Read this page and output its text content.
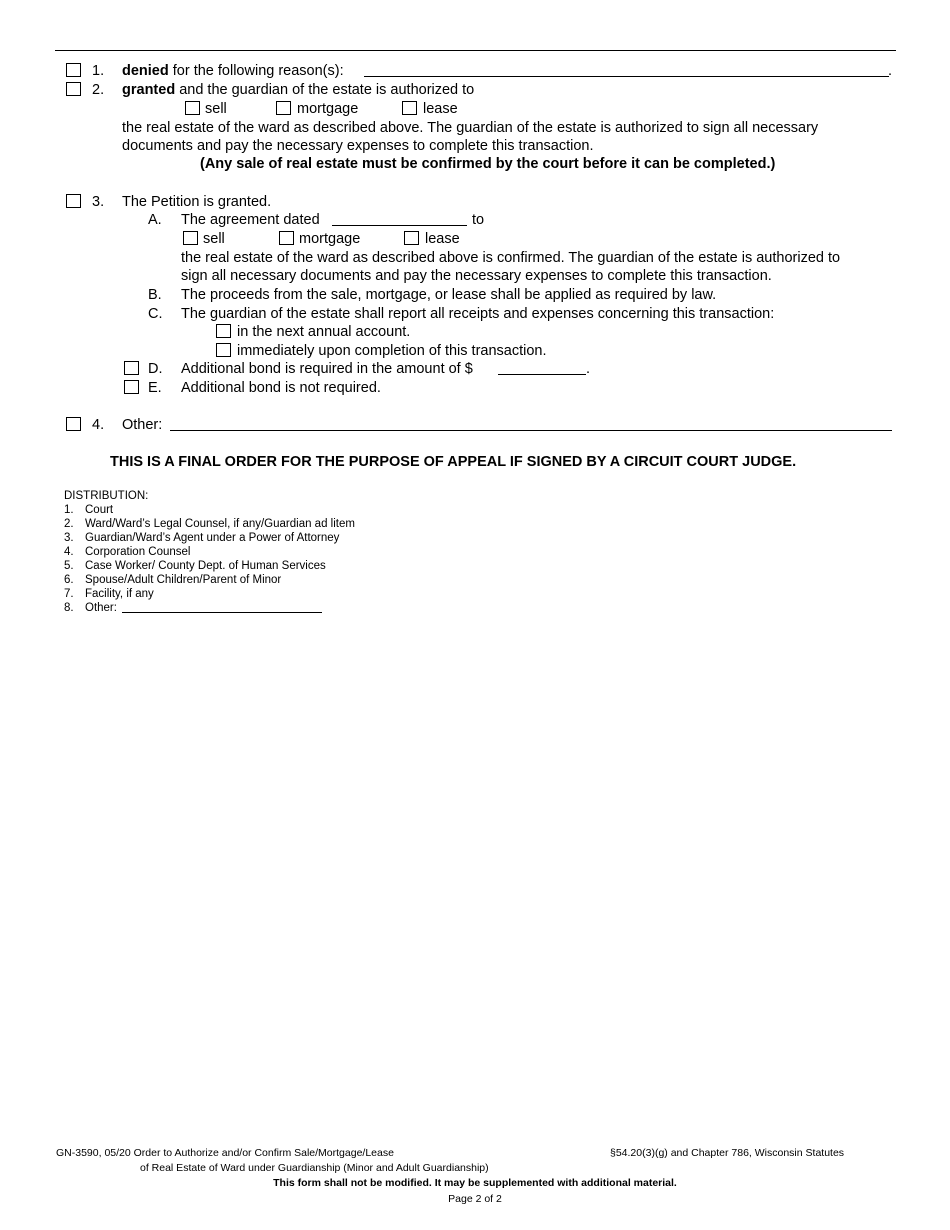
1. denied for the following reason(s):	.
2. granted and the guardian of the estate is authorized to
sell	mortgage	lease
the real estate of the ward as described above. The guardian of the estate is authorized to sign all necessary
documents and pay the necessary expenses to complete this transaction.
(Any sale of real estate must be confirmed by the court before it can be completed.)
3. The Petition is granted.
A. The agreement dated	to
sell	mortgage	lease
the real estate of the ward as described above is confirmed. The guardian of the estate is authorized to
sign all necessary documents and pay the necessary expenses to complete this transaction.
B. The proceeds from the sale, mortgage, or lease shall be applied as required by law.
C. The guardian of the estate shall report all receipts and expenses concerning this transaction:
in the next annual account.
immediately upon completion of this transaction.
D. Additional bond is required in the amount of $	.
E. Additional bond is not required.
4. Other:
THIS IS A FINAL ORDER FOR THE PURPOSE OF APPEAL IF SIGNED BY A CIRCUIT COURT JUDGE.
DISTRIBUTION:
1. Court
2. Ward/Ward’s Legal Counsel, if any/Guardian ad litem
3. Guardian/Ward’s Agent under a Power of Attorney
4. Corporation Counsel
5. Case Worker/ County Dept. of Human Services
6. Spouse/Adult Children/Parent of Minor
7. Facility, if any
8. Other:
GN-3590, 05/20 Order to Authorize and/or Confirm Sale/Mortgage/Lease
of Real Estate of Ward under Guardianship (Minor and Adult Guardianship)
§54.20(3)(g) and Chapter 786, Wisconsin Statutes
This form shall not be modified. It may be supplemented with additional material.
Page 2 of 2
